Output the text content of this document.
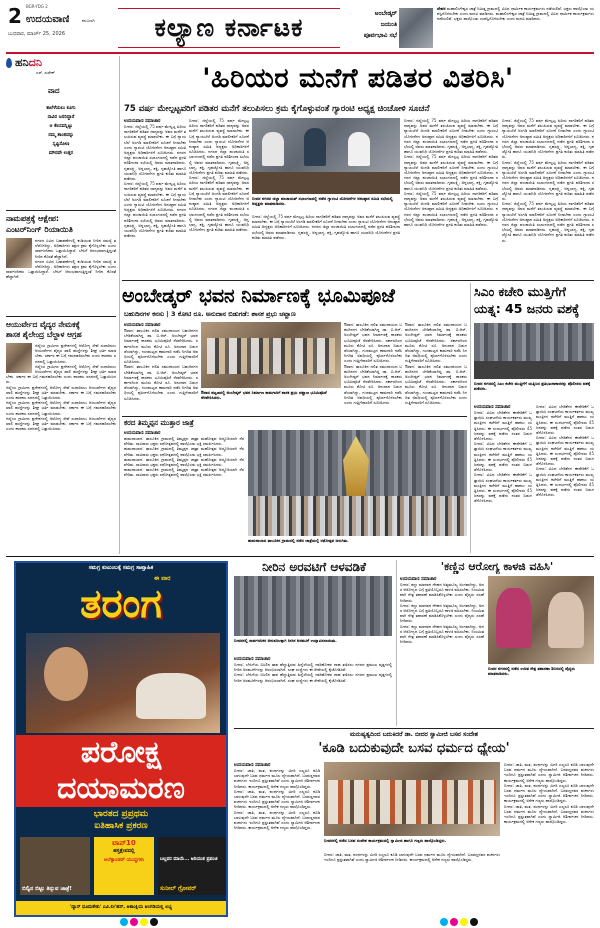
2 BGR-YDG 2
ಉದಯವಾಣಿ	ಕಲಬುರಗಿ
ಬುಧವಾರ, ಮಾರ್ಚ್ 25, 2026	ಕಲ್ಯಾಣ ಕರ್ನಾಟಕ	ಅಂಬೇಡ್ಕರ್
ಜಯಂತಿ
ಪೂರ್ವಭಾವಿ ಸಭೆ
ದೇವರ ಮಹಾಲಿಂಗೇಶ್ವರ ಜಾತ್ರೆ ನಿಮಿತ್ತ ಗ್ರಾಮದಲ್ಲಿ ವಿವಿಧ ಧಾರ್ಮಿಕ ಕಾರ್ಯಕ್ರಮಗಳು ನಡೆಯಲಿವೆ. ಭಕ್ತರು ಪಾಲ್ಗೊಂಡು ಯಶಸ್ವಿಗೊಳಿಸಬೇಕು ಎಂದು ಮನವಿ ಮಾಡಿದರು. ಮಹಾಲಿಂಗೇಶ್ವರ ಜಾತ್ರೆ ನಿಮಿತ್ತ ಗ್ರಾಮದಲ್ಲಿ ವಿವಿಧ ಧಾರ್ಮಿಕ ಕಾರ್ಯಕ್ರಮಗಳು ನಡೆಯಲಿವೆ. ಭಕ್ತರು ಪಾಲ್ಗೊಂಡು ಯಶಸ್ವಿಗೊಳಿಸಬೇಕು ಎಂದು ಮನವಿ ಮಾಡಿದರು.
ಹನಿ ದನಿ
ಎಸ್. ಸುರೇಶ್
ವಾದ
ಕಾಲೆಳೆಯಲು ಕೂಗು
ಸಾವಿರ ಜನರಿದ್ದಾರೆ
ಆ ಕೆಲಸವನ್ನಿಟ್ಟು
ನಮ್ಮ ಶಾಂತವನ್ನು
ಸೃಷ್ಟಿಸೋಣ
ಮೌನವೇ ಉತ್ತರ
ನಾಮಪತ್ರಕ್ಕೆ ಆಕ್ಷೇಪ:
ಎಂಟರ್‌ನಿಂಗ್ ರಿಯಾಯಿತಿ
ನಗರದ ವಿವಿಧ ಬಡಾವಣೆಗಳಲ್ಲಿ ಕುಡಿಯುವ ನೀರಿನ ಸಮಸ್ಯೆ ತಲೆದೋರಿದ್ದು, ಅಧಿಕಾರಿಗಳು ತಕ್ಷಣ ಕ್ರಮ ಕೈಗೊಳ್ಳಬೇಕು ಎಂದು ಸಾರ್ವಜನಿಕರು ಒತ್ತಾಯಿಸಿದ್ದಾರೆ. ಬೇಸಿಗೆ ಆರಂಭವಾಗುತ್ತಿದ್ದಂತೆ ನೀರಿನ ಕೊರತೆ ಹೆಚ್ಚಾಗಿದೆ.
ನಗರದ ವಿವಿಧ ಬಡಾವಣೆಗಳಲ್ಲಿ ಕುಡಿಯುವ ನೀರಿನ ಸಮಸ್ಯೆ ತಲೆದೋರಿದ್ದು, ಅಧಿಕಾರಿಗಳು ತಕ್ಷಣ ಕ್ರಮ ಕೈಗೊಳ್ಳಬೇಕು ಎಂದು ಸಾರ್ವಜನಿಕರು ಒತ್ತಾಯಿಸಿದ್ದಾರೆ. ಬೇಸಿಗೆ ಆರಂಭವಾಗುತ್ತಿದ್ದಂತೆ ನೀರಿನ ಕೊರತೆ ಹೆಚ್ಚಾಗಿದೆ.
ಆಯುರ್ವೇದ ವೈದ್ಯರ ನೇಮಕಕ್ಕೆ
ಶಾಸಕ ಶೈಲೇಂದ್ರ ಬೆಲ್ದಾಳ ಆಗ್ರಹ
ಜಿಲ್ಲೆಯ ಗ್ರಾಮೀಣ ಪ್ರದೇಶಗಳಲ್ಲಿ ಆರೋಗ್ಯ ಸೇವೆ ಸುಧಾರಿಸಲು ಆಯುರ್ವೇದ ವೈದ್ಯರ ಖಾಲಿ ಹುದ್ದೆಗಳನ್ನು ಶೀಘ್ರ ಭರ್ತಿ ಮಾಡಬೇಕು. ಸರ್ಕಾರ ಈ ಬಗ್ಗೆ ಗಮನಹರಿಸಬೇಕು ಎಂದು ಶಾಸಕರು ಸದನದಲ್ಲಿ ಒತ್ತಾಯಿಸಿದರು.
ಜಿಲ್ಲೆಯ ಗ್ರಾಮೀಣ ಪ್ರದೇಶಗಳಲ್ಲಿ ಆರೋಗ್ಯ ಸೇವೆ ಸುಧಾರಿಸಲು ಆಯುರ್ವೇದ ವೈದ್ಯರ ಖಾಲಿ ಹುದ್ದೆಗಳನ್ನು ಶೀಘ್ರ ಭರ್ತಿ ಮಾಡಬೇಕು. ಸರ್ಕಾರ ಈ ಬಗ್ಗೆ ಗಮನಹರಿಸಬೇಕು ಎಂದು ಶಾಸಕರು ಸದನದಲ್ಲಿ ಒತ್ತಾಯಿಸಿದರು.
ಜಿಲ್ಲೆಯ ಗ್ರಾಮೀಣ ಪ್ರದೇಶಗಳಲ್ಲಿ ಆರೋಗ್ಯ ಸೇವೆ ಸುಧಾರಿಸಲು ಆಯುರ್ವೇದ ವೈದ್ಯರ ಖಾಲಿ ಹುದ್ದೆಗಳನ್ನು ಶೀಘ್ರ ಭರ್ತಿ ಮಾಡಬೇಕು. ಸರ್ಕಾರ ಈ ಬಗ್ಗೆ ಗಮನಹರಿಸಬೇಕು ಎಂದು ಶಾಸಕರು ಸದನದಲ್ಲಿ ಒತ್ತಾಯಿಸಿದರು.
ಜಿಲ್ಲೆಯ ಗ್ರಾಮೀಣ ಪ್ರದೇಶಗಳಲ್ಲಿ ಆರೋಗ್ಯ ಸೇವೆ ಸುಧಾರಿಸಲು ಆಯುರ್ವೇದ ವೈದ್ಯರ ಖಾಲಿ ಹುದ್ದೆಗಳನ್ನು ಶೀಘ್ರ ಭರ್ತಿ ಮಾಡಬೇಕು. ಸರ್ಕಾರ ಈ ಬಗ್ಗೆ ಗಮನಹರಿಸಬೇಕು ಎಂದು ಶಾಸಕರು ಸದನದಲ್ಲಿ ಒತ್ತಾಯಿಸಿದರು.
ಜಿಲ್ಲೆಯ ಗ್ರಾಮೀಣ ಪ್ರದೇಶಗಳಲ್ಲಿ ಆರೋಗ್ಯ ಸೇವೆ ಸುಧಾರಿಸಲು ಆಯುರ್ವೇದ ವೈದ್ಯರ ಖಾಲಿ ಹುದ್ದೆಗಳನ್ನು ಶೀಘ್ರ ಭರ್ತಿ ಮಾಡಬೇಕು. ಸರ್ಕಾರ ಈ ಬಗ್ಗೆ ಗಮನಹರಿಸಬೇಕು ಎಂದು ಶಾಸಕರು ಸದನದಲ್ಲಿ ಒತ್ತಾಯಿಸಿದರು.
'ಹಿರಿಯರ ಮನೆಗೆ ಪಡಿತರ ವಿತರಿಸಿ'
75 ವರ್ಷ ಮೇಲ್ಪಟ್ಟವರಿಗೆ ಪಡಿತರ ಮನೆಗೆ ತಲುಪಿಸಲು ಕ್ರಮ ಕೈಗೊಳ್ಳುವಂತೆ ಗ್ಯಾರಂಟಿ ಅಧ್ಯಕ್ಷ ಚಿಂಚೋಳಿ ಸೂಚನೆ
ಉದಯವಾಣಿ ಸಮಾಚಾರ
ಬೀದರ: ಜಿಲ್ಲೆಯಲ್ಲಿ 75 ವರ್ಷ ಮೇಲ್ಪಟ್ಟ ಹಿರಿಯ ನಾಗರಿಕರಿಗೆ ಪಡಿತರ ಧಾನ್ಯವನ್ನು ಅವರ ಮನೆಗೆ ತಲುಪಿಸುವ ವ್ಯವಸ್ಥೆ ಮಾಡಬೇಕು. ಈ ಬಗ್ಗೆ ನ್ಯಾಯಬೆಲೆ ಅಂಗಡಿ ಮಾಲೀಕರಿಗೆ ಸೂಚನೆ ನೀಡಬೇಕು ಎಂದು ಗ್ಯಾರಂಟಿ ಯೋಜನೆಗಳ ಅನುಷ್ಠಾನ ಸಮಿತಿ ಅಧ್ಯಕ್ಷರು ಅಧಿಕಾರಿಗಳಿಗೆ ಸೂಚಿಸಿದರು. ನಗರದ ಜಿಲ್ಲಾ ಪಂಚಾಯಿತಿ ಸಭಾಂಗಣದಲ್ಲಿ ನಡೆದ ಪ್ರಗತಿ ಪರಿಶೀಲನಾ ಸಭೆಯಲ್ಲಿ ಅವರು ಮಾತನಾಡಿದರು. ಗೃಹಲಕ್ಷ್ಮಿ, ಅನ್ನಭಾಗ್ಯ, ಶಕ್ತಿ, ಗೃಹಜ್ಯೋತಿ ಹಾಗೂ ಯುವನಿಧಿ ಯೋಜನೆಗಳ ಪ್ರಗತಿ ಕುರಿತು ಮಾಹಿತಿ ಪಡೆದರು.
ಬೀದರ: ಜಿಲ್ಲೆಯಲ್ಲಿ 75 ವರ್ಷ ಮೇಲ್ಪಟ್ಟ ಹಿರಿಯ ನಾಗರಿಕರಿಗೆ ಪಡಿತರ ಧಾನ್ಯವನ್ನು ಅವರ ಮನೆಗೆ ತಲುಪಿಸುವ ವ್ಯವಸ್ಥೆ ಮಾಡಬೇಕು. ಈ ಬಗ್ಗೆ ನ್ಯಾಯಬೆಲೆ ಅಂಗಡಿ ಮಾಲೀಕರಿಗೆ ಸೂಚನೆ ನೀಡಬೇಕು ಎಂದು ಗ್ಯಾರಂಟಿ ಯೋಜನೆಗಳ ಅನುಷ್ಠಾನ ಸಮಿತಿ ಅಧ್ಯಕ್ಷರು ಅಧಿಕಾರಿಗಳಿಗೆ ಸೂಚಿಸಿದರು. ನಗರದ ಜಿಲ್ಲಾ ಪಂಚಾಯಿತಿ ಸಭಾಂಗಣದಲ್ಲಿ ನಡೆದ ಪ್ರಗತಿ ಪರಿಶೀಲನಾ ಸಭೆಯಲ್ಲಿ ಅವರು ಮಾತನಾಡಿದರು. ಗೃಹಲಕ್ಷ್ಮಿ, ಅನ್ನಭಾಗ್ಯ, ಶಕ್ತಿ, ಗೃಹಜ್ಯೋತಿ ಹಾಗೂ ಯುವನಿಧಿ ಯೋಜನೆಗಳ ಪ್ರಗತಿ ಕುರಿತು ಮಾಹಿತಿ ಪಡೆದರು.
ಬೀದರ: ಜಿಲ್ಲೆಯಲ್ಲಿ 75 ವರ್ಷ ಮೇಲ್ಪಟ್ಟ ಹಿರಿಯ ನಾಗರಿಕರಿಗೆ ಪಡಿತರ ಧಾನ್ಯವನ್ನು ಅವರ ಮನೆಗೆ ತಲುಪಿಸುವ ವ್ಯವಸ್ಥೆ ಮಾಡಬೇಕು. ಈ ಬಗ್ಗೆ ನ್ಯಾಯಬೆಲೆ ಅಂಗಡಿ ಮಾಲೀಕರಿಗೆ ಸೂಚನೆ ನೀಡಬೇಕು ಎಂದು ಗ್ಯಾರಂಟಿ ಯೋಜನೆಗಳ ಅನುಷ್ಠಾನ ಸಮಿತಿ ಅಧ್ಯಕ್ಷರು ಅಧಿಕಾರಿಗಳಿಗೆ ಸೂಚಿಸಿದರು. ನಗರದ ಜಿಲ್ಲಾ ಪಂಚಾಯಿತಿ ಸಭಾಂಗಣದಲ್ಲಿ ನಡೆದ ಪ್ರಗತಿ ಪರಿಶೀಲನಾ ಸಭೆಯಲ್ಲಿ ಅವರು ಮಾತನಾಡಿದರು. ಗೃಹಲಕ್ಷ್ಮಿ, ಅನ್ನಭಾಗ್ಯ, ಶಕ್ತಿ, ಗೃಹಜ್ಯೋತಿ ಹಾಗೂ ಯುವನಿಧಿ ಯೋಜನೆಗಳ ಪ್ರಗತಿ ಕುರಿತು ಮಾಹಿತಿ ಪಡೆದರು.
ಬೀದರ: ಜಿಲ್ಲೆಯಲ್ಲಿ 75 ವರ್ಷ ಮೇಲ್ಪಟ್ಟ ಹಿರಿಯ ನಾಗರಿಕರಿಗೆ ಪಡಿತರ ಧಾನ್ಯವನ್ನು ಅವರ ಮನೆಗೆ ತಲುಪಿಸುವ ವ್ಯವಸ್ಥೆ ಮಾಡಬೇಕು. ಈ ಬಗ್ಗೆ ನ್ಯಾಯಬೆಲೆ ಅಂಗಡಿ ಮಾಲೀಕರಿಗೆ ಸೂಚನೆ ನೀಡಬೇಕು ಎಂದು ಗ್ಯಾರಂಟಿ ಯೋಜನೆಗಳ ಅನುಷ್ಠಾನ ಸಮಿತಿ ಅಧ್ಯಕ್ಷರು ಅಧಿಕಾರಿಗಳಿಗೆ ಸೂಚಿಸಿದರು. ನಗರದ ಜಿಲ್ಲಾ ಪಂಚಾಯಿತಿ ಸಭಾಂಗಣದಲ್ಲಿ ನಡೆದ ಪ್ರಗತಿ ಪರಿಶೀಲನಾ ಸಭೆಯಲ್ಲಿ ಅವರು ಮಾತನಾಡಿದರು. ಗೃಹಲಕ್ಷ್ಮಿ, ಅನ್ನಭಾಗ್ಯ, ಶಕ್ತಿ, ಗೃಹಜ್ಯೋತಿ ಹಾಗೂ ಯುವನಿಧಿ ಯೋಜನೆಗಳ ಪ್ರಗತಿ ಕುರಿತು ಮಾಹಿತಿ ಪಡೆದರು.
ಬೀದರ ನಗರದ ಜಿಲ್ಲಾ ಪಂಚಾಯತ್ ಸಭಾಂಗಣದಲ್ಲಿ ನಡೆದ ಗ್ಯಾರಂಟಿ ಯೋಜನೆಗಳ ಅನುಷ್ಠಾನ ಸಮಿತಿ ಸಭೆಯಲ್ಲಿ ಅಧ್ಯಕ್ಷರು ಮಾತನಾಡಿದರು.
ಬೀದರ: ಜಿಲ್ಲೆಯಲ್ಲಿ 75 ವರ್ಷ ಮೇಲ್ಪಟ್ಟ ಹಿರಿಯ ನಾಗರಿಕರಿಗೆ ಪಡಿತರ ಧಾನ್ಯವನ್ನು ಅವರ ಮನೆಗೆ ತಲುಪಿಸುವ ವ್ಯವಸ್ಥೆ ಮಾಡಬೇಕು. ಈ ಬಗ್ಗೆ ನ್ಯಾಯಬೆಲೆ ಅಂಗಡಿ ಮಾಲೀಕರಿಗೆ ಸೂಚನೆ ನೀಡಬೇಕು ಎಂದು ಗ್ಯಾರಂಟಿ ಯೋಜನೆಗಳ ಅನುಷ್ಠಾನ ಸಮಿತಿ ಅಧ್ಯಕ್ಷರು ಅಧಿಕಾರಿಗಳಿಗೆ ಸೂಚಿಸಿದರು. ನಗರದ ಜಿಲ್ಲಾ ಪಂಚಾಯಿತಿ ಸಭಾಂಗಣದಲ್ಲಿ ನಡೆದ ಪ್ರಗತಿ ಪರಿಶೀಲನಾ ಸಭೆಯಲ್ಲಿ ಅವರು ಮಾತನಾಡಿದರು. ಗೃಹಲಕ್ಷ್ಮಿ, ಅನ್ನಭಾಗ್ಯ, ಶಕ್ತಿ, ಗೃಹಜ್ಯೋತಿ ಹಾಗೂ ಯುವನಿಧಿ ಯೋಜನೆಗಳ ಪ್ರಗತಿ ಕುರಿತು ಮಾಹಿತಿ ಪಡೆದರು.
ಬೀದರ: ಜಿಲ್ಲೆಯಲ್ಲಿ 75 ವರ್ಷ ಮೇಲ್ಪಟ್ಟ ಹಿರಿಯ ನಾಗರಿಕರಿಗೆ ಪಡಿತರ ಧಾನ್ಯವನ್ನು ಅವರ ಮನೆಗೆ ತಲುಪಿಸುವ ವ್ಯವಸ್ಥೆ ಮಾಡಬೇಕು. ಈ ಬಗ್ಗೆ ನ್ಯಾಯಬೆಲೆ ಅಂಗಡಿ ಮಾಲೀಕರಿಗೆ ಸೂಚನೆ ನೀಡಬೇಕು ಎಂದು ಗ್ಯಾರಂಟಿ ಯೋಜನೆಗಳ ಅನುಷ್ಠಾನ ಸಮಿತಿ ಅಧ್ಯಕ್ಷರು ಅಧಿಕಾರಿಗಳಿಗೆ ಸೂಚಿಸಿದರು. ನಗರದ ಜಿಲ್ಲಾ ಪಂಚಾಯಿತಿ ಸಭಾಂಗಣದಲ್ಲಿ ನಡೆದ ಪ್ರಗತಿ ಪರಿಶೀಲನಾ ಸಭೆಯಲ್ಲಿ ಅವರು ಮಾತನಾಡಿದರು. ಗೃಹಲಕ್ಷ್ಮಿ, ಅನ್ನಭಾಗ್ಯ, ಶಕ್ತಿ, ಗೃಹಜ್ಯೋತಿ ಹಾಗೂ ಯುವನಿಧಿ ಯೋಜನೆಗಳ ಪ್ರಗತಿ ಕುರಿತು ಮಾಹಿತಿ ಪಡೆದರು.
ಬೀದರ: ಜಿಲ್ಲೆಯಲ್ಲಿ 75 ವರ್ಷ ಮೇಲ್ಪಟ್ಟ ಹಿರಿಯ ನಾಗರಿಕರಿಗೆ ಪಡಿತರ ಧಾನ್ಯವನ್ನು ಅವರ ಮನೆಗೆ ತಲುಪಿಸುವ ವ್ಯವಸ್ಥೆ ಮಾಡಬೇಕು. ಈ ಬಗ್ಗೆ ನ್ಯಾಯಬೆಲೆ ಅಂಗಡಿ ಮಾಲೀಕರಿಗೆ ಸೂಚನೆ ನೀಡಬೇಕು ಎಂದು ಗ್ಯಾರಂಟಿ ಯೋಜನೆಗಳ ಅನುಷ್ಠಾನ ಸಮಿತಿ ಅಧ್ಯಕ್ಷರು ಅಧಿಕಾರಿಗಳಿಗೆ ಸೂಚಿಸಿದರು. ನಗರದ ಜಿಲ್ಲಾ ಪಂಚಾಯಿತಿ ಸಭಾಂಗಣದಲ್ಲಿ ನಡೆದ ಪ್ರಗತಿ ಪರಿಶೀಲನಾ ಸಭೆಯಲ್ಲಿ ಅವರು ಮಾತನಾಡಿದರು. ಗೃಹಲಕ್ಷ್ಮಿ, ಅನ್ನಭಾಗ್ಯ, ಶಕ್ತಿ, ಗೃಹಜ್ಯೋತಿ ಹಾಗೂ ಯುವನಿಧಿ ಯೋಜನೆಗಳ ಪ್ರಗತಿ ಕುರಿತು ಮಾಹಿತಿ ಪಡೆದರು.
ಬೀದರ: ಜಿಲ್ಲೆಯಲ್ಲಿ 75 ವರ್ಷ ಮೇಲ್ಪಟ್ಟ ಹಿರಿಯ ನಾಗರಿಕರಿಗೆ ಪಡಿತರ ಧಾನ್ಯವನ್ನು ಅವರ ಮನೆಗೆ ತಲುಪಿಸುವ ವ್ಯವಸ್ಥೆ ಮಾಡಬೇಕು. ಈ ಬಗ್ಗೆ ನ್ಯಾಯಬೆಲೆ ಅಂಗಡಿ ಮಾಲೀಕರಿಗೆ ಸೂಚನೆ ನೀಡಬೇಕು ಎಂದು ಗ್ಯಾರಂಟಿ ಯೋಜನೆಗಳ ಅನುಷ್ಠಾನ ಸಮಿತಿ ಅಧ್ಯಕ್ಷರು ಅಧಿಕಾರಿಗಳಿಗೆ ಸೂಚಿಸಿದರು. ನಗರದ ಜಿಲ್ಲಾ ಪಂಚಾಯಿತಿ ಸಭಾಂಗಣದಲ್ಲಿ ನಡೆದ ಪ್ರಗತಿ ಪರಿಶೀಲನಾ ಸಭೆಯಲ್ಲಿ ಅವರು ಮಾತನಾಡಿದರು. ಗೃಹಲಕ್ಷ್ಮಿ, ಅನ್ನಭಾಗ್ಯ, ಶಕ್ತಿ, ಗೃಹಜ್ಯೋತಿ ಹಾಗೂ ಯುವನಿಧಿ ಯೋಜನೆಗಳ ಪ್ರಗತಿ ಕುರಿತು ಮಾಹಿತಿ ಪಡೆದರು.
ಬೀದರ: ಜಿಲ್ಲೆಯಲ್ಲಿ 75 ವರ್ಷ ಮೇಲ್ಪಟ್ಟ ಹಿರಿಯ ನಾಗರಿಕರಿಗೆ ಪಡಿತರ ಧಾನ್ಯವನ್ನು ಅವರ ಮನೆಗೆ ತಲುಪಿಸುವ ವ್ಯವಸ್ಥೆ ಮಾಡಬೇಕು. ಈ ಬಗ್ಗೆ ನ್ಯಾಯಬೆಲೆ ಅಂಗಡಿ ಮಾಲೀಕರಿಗೆ ಸೂಚನೆ ನೀಡಬೇಕು ಎಂದು ಗ್ಯಾರಂಟಿ ಯೋಜನೆಗಳ ಅನುಷ್ಠಾನ ಸಮಿತಿ ಅಧ್ಯಕ್ಷರು ಅಧಿಕಾರಿಗಳಿಗೆ ಸೂಚಿಸಿದರು. ನಗರದ ಜಿಲ್ಲಾ ಪಂಚಾಯಿತಿ ಸಭಾಂಗಣದಲ್ಲಿ ನಡೆದ ಪ್ರಗತಿ ಪರಿಶೀಲನಾ ಸಭೆಯಲ್ಲಿ ಅವರು ಮಾತನಾಡಿದರು. ಗೃಹಲಕ್ಷ್ಮಿ, ಅನ್ನಭಾಗ್ಯ, ಶಕ್ತಿ, ಗೃಹಜ್ಯೋತಿ ಹಾಗೂ ಯುವನಿಧಿ ಯೋಜನೆಗಳ ಪ್ರಗತಿ ಕುರಿತು ಮಾಹಿತಿ ಪಡೆದರು.
ಬೀದರ: ಜಿಲ್ಲೆಯಲ್ಲಿ 75 ವರ್ಷ ಮೇಲ್ಪಟ್ಟ ಹಿರಿಯ ನಾಗರಿಕರಿಗೆ ಪಡಿತರ ಧಾನ್ಯವನ್ನು ಅವರ ಮನೆಗೆ ತಲುಪಿಸುವ ವ್ಯವಸ್ಥೆ ಮಾಡಬೇಕು. ಈ ಬಗ್ಗೆ ನ್ಯಾಯಬೆಲೆ ಅಂಗಡಿ ಮಾಲೀಕರಿಗೆ ಸೂಚನೆ ನೀಡಬೇಕು ಎಂದು ಗ್ಯಾರಂಟಿ ಯೋಜನೆಗಳ ಅನುಷ್ಠಾನ ಸಮಿತಿ ಅಧ್ಯಕ್ಷರು ಅಧಿಕಾರಿಗಳಿಗೆ ಸೂಚಿಸಿದರು. ನಗರದ ಜಿಲ್ಲಾ ಪಂಚಾಯಿತಿ ಸಭಾಂಗಣದಲ್ಲಿ ನಡೆದ ಪ್ರಗತಿ ಪರಿಶೀಲನಾ ಸಭೆಯಲ್ಲಿ ಅವರು ಮಾತನಾಡಿದರು. ಗೃಹಲಕ್ಷ್ಮಿ, ಅನ್ನಭಾಗ್ಯ, ಶಕ್ತಿ, ಗೃಹಜ್ಯೋತಿ ಹಾಗೂ ಯುವನಿಧಿ ಯೋಜನೆಗಳ ಪ್ರಗತಿ ಕುರಿತು ಮಾಹಿತಿ ಪಡೆದರು.
ಬೀದರ: ಜಿಲ್ಲೆಯಲ್ಲಿ 75 ವರ್ಷ ಮೇಲ್ಪಟ್ಟ ಹಿರಿಯ ನಾಗರಿಕರಿಗೆ ಪಡಿತರ ಧಾನ್ಯವನ್ನು ಅವರ ಮನೆಗೆ ತಲುಪಿಸುವ ವ್ಯವಸ್ಥೆ ಮಾಡಬೇಕು. ಈ ಬಗ್ಗೆ ನ್ಯಾಯಬೆಲೆ ಅಂಗಡಿ ಮಾಲೀಕರಿಗೆ ಸೂಚನೆ ನೀಡಬೇಕು ಎಂದು ಗ್ಯಾರಂಟಿ ಯೋಜನೆಗಳ ಅನುಷ್ಠಾನ ಸಮಿತಿ ಅಧ್ಯಕ್ಷರು ಅಧಿಕಾರಿಗಳಿಗೆ ಸೂಚಿಸಿದರು. ನಗರದ ಜಿಲ್ಲಾ ಪಂಚಾಯಿತಿ ಸಭಾಂಗಣದಲ್ಲಿ ನಡೆದ ಪ್ರಗತಿ ಪರಿಶೀಲನಾ ಸಭೆಯಲ್ಲಿ ಅವರು ಮಾತನಾಡಿದರು. ಗೃಹಲಕ್ಷ್ಮಿ, ಅನ್ನಭಾಗ್ಯ, ಶಕ್ತಿ, ಗೃಹಜ್ಯೋತಿ ಹಾಗೂ ಯುವನಿಧಿ ಯೋಜನೆಗಳ ಪ್ರಗತಿ ಕುರಿತು ಮಾಹಿತಿ ಪಡೆದರು.
ಅಂಬೇಡ್ಕರ್ ಭವನ ನಿರ್ಮಾಣಕ್ಕೆ ಭೂಮಿಪೂಜೆ
ಬಹುದಿನಗಳ ಕನಸು | 3 ಕೋಟಿ ರೂ. ಅನುದಾನ ಬಿಡುಗಡೆ: ಶಾಸಕ ಪ್ರಭು ಚವ್ಹಾಣ
ಉದಯವಾಣಿ ಸಮಾಚಾರ
ಔರಾದ: ತಾಲೂಕಿನ ದಲಿತ ಸಮುದಾಯದ ಬಹುದಿನಗಳ ಬೇಡಿಕೆಯಾಗಿದ್ದ ಡಾ. ಬಿ.ಆರ್. ಅಂಬೇಡ್ಕರ್ ಭವನ ನಿರ್ಮಾಣಕ್ಕೆ ಶಾಸಕರು ಭೂಮಿಪೂಜೆ ನೆರವೇರಿಸಿದರು. ಸರ್ಕಾರದಿಂದ ಮೂರು ಕೋಟಿ ರೂ. ಅನುದಾನ ಬಿಡುಗಡೆಯಾಗಿದ್ದು, ಗುಣಮಟ್ಟದ ಕಾಮಗಾರಿ ನಡೆಸಿ ನಿಗದಿತ ಅವಧಿಯಲ್ಲಿ ಪೂರ್ಣಗೊಳಿಸಬೇಕು ಎಂದು ಗುತ್ತಿಗೆದಾರರಿಗೆ ಸೂಚಿಸಿದರು.
ಔರಾದ: ತಾಲೂಕಿನ ದಲಿತ ಸಮುದಾಯದ ಬಹುದಿನಗಳ ಬೇಡಿಕೆಯಾಗಿದ್ದ ಡಾ. ಬಿ.ಆರ್. ಅಂಬೇಡ್ಕರ್ ಭವನ ನಿರ್ಮಾಣಕ್ಕೆ ಶಾಸಕರು ಭೂಮಿಪೂಜೆ ನೆರವೇರಿಸಿದರು. ಸರ್ಕಾರದಿಂದ ಮೂರು ಕೋಟಿ ರೂ. ಅನುದಾನ ಬಿಡುಗಡೆಯಾಗಿದ್ದು, ಗುಣಮಟ್ಟದ ಕಾಮಗಾರಿ ನಡೆಸಿ ನಿಗದಿತ ಅವಧಿಯಲ್ಲಿ ಪೂರ್ಣಗೊಳಿಸಬೇಕು ಎಂದು ಗುತ್ತಿಗೆದಾರರಿಗೆ ಸೂಚಿಸಿದರು.
ಔರಾದ ಪಟ್ಟಣದಲ್ಲಿ ಅಂಬೇಡ್ಕರ್ ಭವನ ನಿರ್ಮಾಣ ಕಾಮಗಾರಿಗೆ ಶಾಸಕ ಪ್ರಭು ಚವ್ಹಾಣ ಭೂಮಿಪೂಜೆ ನೆರವೇರಿಸಿದರು.
ಔರಾದ: ತಾಲೂಕಿನ ದಲಿತ ಸಮುದಾಯದ ಬಹುದಿನಗಳ ಬೇಡಿಕೆಯಾಗಿದ್ದ ಡಾ. ಬಿ.ಆರ್. ಅಂಬೇಡ್ಕರ್ ಭವನ ನಿರ್ಮಾಣಕ್ಕೆ ಶಾಸಕರು ಭೂಮಿಪೂಜೆ ನೆರವೇರಿಸಿದರು. ಸರ್ಕಾರದಿಂದ ಮೂರು ಕೋಟಿ ರೂ. ಅನುದಾನ ಬಿಡುಗಡೆಯಾಗಿದ್ದು, ಗುಣಮಟ್ಟದ ಕಾಮಗಾರಿ ನಡೆಸಿ ನಿಗದಿತ ಅವಧಿಯಲ್ಲಿ ಪೂರ್ಣಗೊಳಿಸಬೇಕು ಎಂದು ಗುತ್ತಿಗೆದಾರರಿಗೆ ಸೂಚಿಸಿದರು.
ಔರಾದ: ತಾಲೂಕಿನ ದಲಿತ ಸಮುದಾಯದ ಬಹುದಿನಗಳ ಬೇಡಿಕೆಯಾಗಿದ್ದ ಡಾ. ಬಿ.ಆರ್. ಅಂಬೇಡ್ಕರ್ ಭವನ ನಿರ್ಮಾಣಕ್ಕೆ ಶಾಸಕರು ಭೂಮಿಪೂಜೆ ನೆರವೇರಿಸಿದರು. ಸರ್ಕಾರದಿಂದ ಮೂರು ಕೋಟಿ ರೂ. ಅನುದಾನ ಬಿಡುಗಡೆಯಾಗಿದ್ದು, ಗುಣಮಟ್ಟದ ಕಾಮಗಾರಿ ನಡೆಸಿ ನಿಗದಿತ ಅವಧಿಯಲ್ಲಿ ಪೂರ್ಣಗೊಳಿಸಬೇಕು ಎಂದು ಗುತ್ತಿಗೆದಾರರಿಗೆ ಸೂಚಿಸಿದರು.
ಔರಾದ: ತಾಲೂಕಿನ ದಲಿತ ಸಮುದಾಯದ ಬಹುದಿನಗಳ ಬೇಡಿಕೆಯಾಗಿದ್ದ ಡಾ. ಬಿ.ಆರ್. ಅಂಬೇಡ್ಕರ್ ಭವನ ನಿರ್ಮಾಣಕ್ಕೆ ಶಾಸಕರು ಭೂಮಿಪೂಜೆ ನೆರವೇರಿಸಿದರು. ಸರ್ಕಾರದಿಂದ ಮೂರು ಕೋಟಿ ರೂ. ಅನುದಾನ ಬಿಡುಗಡೆಯಾಗಿದ್ದು, ಗುಣಮಟ್ಟದ ಕಾಮಗಾರಿ ನಡೆಸಿ ನಿಗದಿತ ಅವಧಿಯಲ್ಲಿ ಪೂರ್ಣಗೊಳಿಸಬೇಕು ಎಂದು ಗುತ್ತಿಗೆದಾರರಿಗೆ ಸೂಚಿಸಿದರು.
ಔರಾದ: ತಾಲೂಕಿನ ದಲಿತ ಸಮುದಾಯದ ಬಹುದಿನಗಳ ಬೇಡಿಕೆಯಾಗಿದ್ದ ಡಾ. ಬಿ.ಆರ್. ಅಂಬೇಡ್ಕರ್ ಭವನ ನಿರ್ಮಾಣಕ್ಕೆ ಶಾಸಕರು ಭೂಮಿಪೂಜೆ ನೆರವೇರಿಸಿದರು. ಸರ್ಕಾರದಿಂದ ಮೂರು ಕೋಟಿ ರೂ. ಅನುದಾನ ಬಿಡುಗಡೆಯಾಗಿದ್ದು, ಗುಣಮಟ್ಟದ ಕಾಮಗಾರಿ ನಡೆಸಿ ನಿಗದಿತ ಅವಧಿಯಲ್ಲಿ ಪೂರ್ಣಗೊಳಿಸಬೇಕು ಎಂದು ಗುತ್ತಿಗೆದಾರರಿಗೆ ಸೂಚಿಸಿದರು.
ಸಿಎಂ ಕಚೇರಿ ಮುತ್ತಿಗೆಗೆ ಯತ್ನ: 45 ಜನರು ವಶಕ್ಕೆ
ಬೀದರ ನಗರದಲ್ಲಿ ಸಿಎಂ ಕಚೇರಿ ಮುತ್ತಿಗೆಗೆ ಯತ್ನಿಸಿದ ಪ್ರತಿಭಟನಾಕಾರರನ್ನು ಪೊಲೀಸರು ವಶಕ್ಕೆ ಪಡೆದರು.
ಉದಯವಾಣಿ ಸಮಾಚಾರ
ಬೀದರ: ವಿವಿಧ ಬೇಡಿಕೆಗಳ ಈಡೇರಿಕೆಗೆ ಒತ್ತಾಯಿಸಿ ಸಂಘಟನೆಯ ಕಾರ್ಯಕರ್ತರು ಮುಖ್ಯಮಂತ್ರಿಗಳ ಕಚೇರಿಗೆ ಮುತ್ತಿಗೆ ಹಾಕಲು ಯತ್ನಿಸಿದರು. ಈ ಸಂದರ್ಭದಲ್ಲಿ ಪೊಲೀಸರು 45 ಜನರನ್ನು ವಶಕ್ಕೆ ಪಡೆದು ನಂತರ ಬಿಡುಗಡೆಗೊಳಿಸಿದರು.
ಬೀದರ: ವಿವಿಧ ಬೇಡಿಕೆಗಳ ಈಡೇರಿಕೆಗೆ ಒತ್ತಾಯಿಸಿ ಸಂಘಟನೆಯ ಕಾರ್ಯಕರ್ತರು ಮುಖ್ಯಮಂತ್ರಿಗಳ ಕಚೇರಿಗೆ ಮುತ್ತಿಗೆ ಹಾಕಲು ಯತ್ನಿಸಿದರು. ಈ ಸಂದರ್ಭದಲ್ಲಿ ಪೊಲೀಸರು 45 ಜನರನ್ನು ವಶಕ್ಕೆ ಪಡೆದು ನಂತರ ಬಿಡುಗಡೆಗೊಳಿಸಿದರು.
ಬೀದರ: ವಿವಿಧ ಬೇಡಿಕೆಗಳ ಈಡೇರಿಕೆಗೆ ಒತ್ತಾಯಿಸಿ ಸಂಘಟನೆಯ ಕಾರ್ಯಕರ್ತರು ಮುಖ್ಯಮಂತ್ರಿಗಳ ಕಚೇರಿಗೆ ಮುತ್ತಿಗೆ ಹಾಕಲು ಯತ್ನಿಸಿದರು. ಈ ಸಂದರ್ಭದಲ್ಲಿ ಪೊಲೀಸರು 45 ಜನರನ್ನು ವಶಕ್ಕೆ ಪಡೆದು ನಂತರ ಬಿಡುಗಡೆಗೊಳಿಸಿದರು.
ಬೀದರ: ವಿವಿಧ ಬೇಡಿಕೆಗಳ ಈಡೇರಿಕೆಗೆ ಒತ್ತಾಯಿಸಿ ಸಂಘಟನೆಯ ಕಾರ್ಯಕರ್ತರು ಮುಖ್ಯಮಂತ್ರಿಗಳ ಕಚೇರಿಗೆ ಮುತ್ತಿಗೆ ಹಾಕಲು ಯತ್ನಿಸಿದರು. ಈ ಸಂದರ್ಭದಲ್ಲಿ ಪೊಲೀಸರು 45 ಜನರನ್ನು ವಶಕ್ಕೆ ಪಡೆದು ನಂತರ ಬಿಡುಗಡೆಗೊಳಿಸಿದರು.
ಬೀದರ: ವಿವಿಧ ಬೇಡಿಕೆಗಳ ಈಡೇರಿಕೆಗೆ ಒತ್ತಾಯಿಸಿ ಸಂಘಟನೆಯ ಕಾರ್ಯಕರ್ತರು ಮುಖ್ಯಮಂತ್ರಿಗಳ ಕಚೇರಿಗೆ ಮುತ್ತಿಗೆ ಹಾಕಲು ಯತ್ನಿಸಿದರು. ಈ ಸಂದರ್ಭದಲ್ಲಿ ಪೊಲೀಸರು 45 ಜನರನ್ನು ವಶಕ್ಕೆ ಪಡೆದು ನಂತರ ಬಿಡುಗಡೆಗೊಳಿಸಿದರು.
ಬೀದರ: ವಿವಿಧ ಬೇಡಿಕೆಗಳ ಈಡೇರಿಕೆಗೆ ಒತ್ತಾಯಿಸಿ ಸಂಘಟನೆಯ ಕಾರ್ಯಕರ್ತರು ಮುಖ್ಯಮಂತ್ರಿಗಳ ಕಚೇರಿಗೆ ಮುತ್ತಿಗೆ ಹಾಕಲು ಯತ್ನಿಸಿದರು. ಈ ಸಂದರ್ಭದಲ್ಲಿ ಪೊಲೀಸರು 45 ಜನರನ್ನು ವಶಕ್ಕೆ ಪಡೆದು ನಂತರ ಬಿಡುಗಡೆಗೊಳಿಸಿದರು.
ಕರದ ತಿಮ್ಮಪ್ಪನ ಮುತ್ತಾರ ಜಾತ್ರೆ
ಉದಯವಾಣಿ ಸಮಾಚಾರ
ಹುಮನಾಬಾದ: ತಾಲೂಕಿನ ಗ್ರಾಮದಲ್ಲಿ ತಿಮ್ಮಪ್ಪನ ಜಾತ್ರಾ ಮಹೋತ್ಸವ ಅದ್ಧೂರಿಯಾಗಿ ನೆರವೇರಿತು. ಸಾವಿರಾರು ಭಕ್ತರು ರಥೋತ್ಸವದಲ್ಲಿ ಪಾಲ್ಗೊಂಡು ಭಕ್ತಿ ಸಮರ್ಪಿಸಿದರು.
ಹುಮನಾಬಾದ: ತಾಲೂಕಿನ ಗ್ರಾಮದಲ್ಲಿ ತಿಮ್ಮಪ್ಪನ ಜಾತ್ರಾ ಮಹೋತ್ಸವ ಅದ್ಧೂರಿಯಾಗಿ ನೆರವೇರಿತು. ಸಾವಿರಾರು ಭಕ್ತರು ರಥೋತ್ಸವದಲ್ಲಿ ಪಾಲ್ಗೊಂಡು ಭಕ್ತಿ ಸಮರ್ಪಿಸಿದರು.
ಹುಮನಾಬಾದ: ತಾಲೂಕಿನ ಗ್ರಾಮದಲ್ಲಿ ತಿಮ್ಮಪ್ಪನ ಜಾತ್ರಾ ಮಹೋತ್ಸವ ಅದ್ಧೂರಿಯಾಗಿ ನೆರವೇರಿತು. ಸಾವಿರಾರು ಭಕ್ತರು ರಥೋತ್ಸವದಲ್ಲಿ ಪಾಲ್ಗೊಂಡು ಭಕ್ತಿ ಸಮರ್ಪಿಸಿದರು.
ಹುಮನಾಬಾದ: ತಾಲೂಕಿನ ಗ್ರಾಮದಲ್ಲಿ ತಿಮ್ಮಪ್ಪನ ಜಾತ್ರಾ ಮಹೋತ್ಸವ ಅದ್ಧೂರಿಯಾಗಿ ನೆರವೇರಿತು. ಸಾವಿರಾರು ಭಕ್ತರು ರಥೋತ್ಸವದಲ್ಲಿ ಪಾಲ್ಗೊಂಡು ಭಕ್ತಿ ಸಮರ್ಪಿಸಿದರು.
ಹುಮನಾಬಾದ ತಾಲೂಕಿನ ಗ್ರಾಮದಲ್ಲಿ ನಡೆದ ಜಾತ್ರೆಯಲ್ಲಿ ರಥೋತ್ಸವ ಜರುಗಿತು.
ಸಮಗ್ರ ಕುಟುಂಬಕ್ಕೆ ಸಮಗ್ರ ಸಾಪ್ತಾಹಿಕ
ಈ ವಾರ
ತರಂಗ
ಪರೋಕ್ಷ
ದಯಾಮರಣ
ಭಾರತದ ಪ್ರಪ್ರಥಮ
ಐತಿಹಾಸಿಕ ಪ್ರಕರಣ
ಬಿಲ್ವಿನ ಬಿಟ್ಟು ತಿನ್ನುವ ಜಾತ್ರೆ!
ಟಾಪ್10
ಹಸ್ತಕ್ಷೇಪದಲ್ಲಿ
ಅಲೆಕ್ಸಾಂಡರ್ ಯುದ್ಧಗಳು	ಬಲ್ಲವರ ಮಾಯೆ... ಅರಿಯುತ ಪ್ರಪಂಚ
ಸುನೀಲ್ ಗ್ರೋವರ್
'ದ್ಯಾಸ್ ಧೂಮಕೇತು' ಎವಿ.ಲೀ'ಹಸ್, ಅಕಾಂಕ್ಷಿಯ ಅಂಗಡಿಯಲ್ಲಿ ಲಭ್ಯ
ನೀರಿನ ಅರವಟಿಗೆ ಆಳವಡಿಕೆ
ಬೀದರನಲ್ಲಿ ಸಾರ್ವಜನಿಕರ ಅನುಕೂಲಕ್ಕಾಗಿ ನೀರಿನ ಅರವಟಿಗೆ ಉದ್ಘಾಟಿಸಲಾಯಿತು.
ಉದಯವಾಣಿ ಸಮಾಚಾರ
ಬೀದರ: ಬೇಸಿಗೆಯ ಬಿಸಿಲಿನ ತಾಪ ಹೆಚ್ಚುತ್ತಿರುವ ಹಿನ್ನೆಲೆಯಲ್ಲಿ ದಾರಿಹೋಕರ ದಾಹ ತಣಿಸಲು ನಗರದ ಪ್ರಮುಖ ವೃತ್ತಗಳಲ್ಲಿ ನೀರಿನ ಅರವಟಿಗೆಗಳನ್ನು ಆರಂಭಿಸಲಾಗಿದೆ. ಸಂಘ ಸಂಸ್ಥೆಗಳು ಈ ಸೇವೆಯಲ್ಲಿ ಕೈಜೋಡಿಸಿವೆ.
ಬೀದರ: ಬೇಸಿಗೆಯ ಬಿಸಿಲಿನ ತಾಪ ಹೆಚ್ಚುತ್ತಿರುವ ಹಿನ್ನೆಲೆಯಲ್ಲಿ ದಾರಿಹೋಕರ ದಾಹ ತಣಿಸಲು ನಗರದ ಪ್ರಮುಖ ವೃತ್ತಗಳಲ್ಲಿ ನೀರಿನ ಅರವಟಿಗೆಗಳನ್ನು ಆರಂಭಿಸಲಾಗಿದೆ. ಸಂಘ ಸಂಸ್ಥೆಗಳು ಈ ಸೇವೆಯಲ್ಲಿ ಕೈಜೋಡಿಸಿವೆ.
'ಕಣ್ಣಿನ ಆರೋಗ್ಯ ಕಾಳಜಿ ವಹಿಸಿ'
ಉದಯವಾಣಿ ಸಮಾಚಾರ
ಬೀದರ: ಕಣ್ಣು ಮಾನವನ ದೇಹದ ಅತ್ಯಮೂಲ್ಯ ಅಂಗವಾಗಿದ್ದು, ಅದರ ಆರೋಗ್ಯದ ಬಗ್ಗೆ ಪ್ರತಿಯೊಬ್ಬರೂ ಕಾಳಜಿ ವಹಿಸಬೇಕು. ನಿಯಮಿತವಾಗಿ ನೇತ್ರ ತಪಾಸಣೆ ಮಾಡಿಸಿಕೊಳ್ಳಬೇಕು ಎಂದು ವೈದ್ಯರು ಸಲಹೆ ನೀಡಿದರು.
ಬೀದರ: ಕಣ್ಣು ಮಾನವನ ದೇಹದ ಅತ್ಯಮೂಲ್ಯ ಅಂಗವಾಗಿದ್ದು, ಅದರ ಆರೋಗ್ಯದ ಬಗ್ಗೆ ಪ್ರತಿಯೊಬ್ಬರೂ ಕಾಳಜಿ ವಹಿಸಬೇಕು. ನಿಯಮಿತವಾಗಿ ನೇತ್ರ ತಪಾಸಣೆ ಮಾಡಿಸಿಕೊಳ್ಳಬೇಕು ಎಂದು ವೈದ್ಯರು ಸಲಹೆ ನೀಡಿದರು.
ಬೀದರ: ಕಣ್ಣು ಮಾನವನ ದೇಹದ ಅತ್ಯಮೂಲ್ಯ ಅಂಗವಾಗಿದ್ದು, ಅದರ ಆರೋಗ್ಯದ ಬಗ್ಗೆ ಪ್ರತಿಯೊಬ್ಬರೂ ಕಾಳಜಿ ವಹಿಸಬೇಕು. ನಿಯಮಿತವಾಗಿ ನೇತ್ರ ತಪಾಸಣೆ ಮಾಡಿಸಿಕೊಳ್ಳಬೇಕು ಎಂದು ವೈದ್ಯರು ಸಲಹೆ ನೀಡಿದರು.
ಬೀದರ ನಗರದಲ್ಲಿ ನಡೆದ ಉಚಿತ ನೇತ್ರ ತಪಾಸಣಾ ಶಿಬಿರದಲ್ಲಿ ವೈದ್ಯರು ಮಾತನಾಡಿದರು.
ಮನುಷ್ಯತ್ವದಿಂದ ಬದುಕಿದರೆ ಡಾ. ಬೀದರ ಸ್ವಾಮೀಜಿ ಬಸವ ಸಂದೇಶ
'ಕೂಡಿ ಬದುಕುವುದೇ ಬಸವ ಧರ್ಮದ ಧ್ಯೇಯ'
ಉದಯವಾಣಿ ಸಮಾಚಾರ
ಬೀದರ: ಜಾತಿ, ಮತ, ಪಂಥಗಳನ್ನು ಮೀರಿ ಎಲ್ಲರೂ ಕೂಡಿ ಬಾಳುವುದೇ ಬಸವ ಧರ್ಮದ ಮೂಲ ಧ್ಯೇಯವಾಗಿದೆ. ಬಸವಣ್ಣನವರ ವಚನಗಳು ಇಂದಿಗೂ ಪ್ರಸ್ತುತವಾಗಿವೆ ಎಂದು ಸ್ವಾಮೀಜಿ ಆಶೀರ್ವಚನ ನೀಡಿದರು. ಕಾರ್ಯಕ್ರಮದಲ್ಲಿ ಅನೇಕ ಗಣ್ಯರು ಪಾಲ್ಗೊಂಡಿದ್ದರು.
ಬೀದರ: ಜಾತಿ, ಮತ, ಪಂಥಗಳನ್ನು ಮೀರಿ ಎಲ್ಲರೂ ಕೂಡಿ ಬಾಳುವುದೇ ಬಸವ ಧರ್ಮದ ಮೂಲ ಧ್ಯೇಯವಾಗಿದೆ. ಬಸವಣ್ಣನವರ ವಚನಗಳು ಇಂದಿಗೂ ಪ್ರಸ್ತುತವಾಗಿವೆ ಎಂದು ಸ್ವಾಮೀಜಿ ಆಶೀರ್ವಚನ ನೀಡಿದರು. ಕಾರ್ಯಕ್ರಮದಲ್ಲಿ ಅನೇಕ ಗಣ್ಯರು ಪಾಲ್ಗೊಂಡಿದ್ದರು.
ಬೀದರ: ಜಾತಿ, ಮತ, ಪಂಥಗಳನ್ನು ಮೀರಿ ಎಲ್ಲರೂ ಕೂಡಿ ಬಾಳುವುದೇ ಬಸವ ಧರ್ಮದ ಮೂಲ ಧ್ಯೇಯವಾಗಿದೆ. ಬಸವಣ್ಣನವರ ವಚನಗಳು ಇಂದಿಗೂ ಪ್ರಸ್ತುತವಾಗಿವೆ ಎಂದು ಸ್ವಾಮೀಜಿ ಆಶೀರ್ವಚನ ನೀಡಿದರು. ಕಾರ್ಯಕ್ರಮದಲ್ಲಿ ಅನೇಕ ಗಣ್ಯರು ಪಾಲ್ಗೊಂಡಿದ್ದರು.
ಬೀದರನಲ್ಲಿ ನಡೆದ ಬಸವ ಸಂದೇಶ ಕಾರ್ಯಕ್ರಮದಲ್ಲಿ ಸ್ವಾಮೀಜಿ ಹಾಗೂ ಗಣ್ಯರು ಪಾಲ್ಗೊಂಡಿದ್ದರು.
ಬೀದರ: ಜಾತಿ, ಮತ, ಪಂಥಗಳನ್ನು ಮೀರಿ ಎಲ್ಲರೂ ಕೂಡಿ ಬಾಳುವುದೇ ಬಸವ ಧರ್ಮದ ಮೂಲ ಧ್ಯೇಯವಾಗಿದೆ. ಬಸವಣ್ಣನವರ ವಚನಗಳು ಇಂದಿಗೂ ಪ್ರಸ್ತುತವಾಗಿವೆ ಎಂದು ಸ್ವಾಮೀಜಿ ಆಶೀರ್ವಚನ ನೀಡಿದರು. ಕಾರ್ಯಕ್ರಮದಲ್ಲಿ ಅನೇಕ ಗಣ್ಯರು ಪಾಲ್ಗೊಂಡಿದ್ದರು.
ಬೀದರ: ಜಾತಿ, ಮತ, ಪಂಥಗಳನ್ನು ಮೀರಿ ಎಲ್ಲರೂ ಕೂಡಿ ಬಾಳುವುದೇ ಬಸವ ಧರ್ಮದ ಮೂಲ ಧ್ಯೇಯವಾಗಿದೆ. ಬಸವಣ್ಣನವರ ವಚನಗಳು ಇಂದಿಗೂ ಪ್ರಸ್ತುತವಾಗಿವೆ ಎಂದು ಸ್ವಾಮೀಜಿ ಆಶೀರ್ವಚನ ನೀಡಿದರು. ಕಾರ್ಯಕ್ರಮದಲ್ಲಿ ಅನೇಕ ಗಣ್ಯರು ಪಾಲ್ಗೊಂಡಿದ್ದರು.
ಬೀದರ: ಜಾತಿ, ಮತ, ಪಂಥಗಳನ್ನು ಮೀರಿ ಎಲ್ಲರೂ ಕೂಡಿ ಬಾಳುವುದೇ ಬಸವ ಧರ್ಮದ ಮೂಲ ಧ್ಯೇಯವಾಗಿದೆ. ಬಸವಣ್ಣನವರ ವಚನಗಳು ಇಂದಿಗೂ ಪ್ರಸ್ತುತವಾಗಿವೆ ಎಂದು ಸ್ವಾಮೀಜಿ ಆಶೀರ್ವಚನ ನೀಡಿದರು. ಕಾರ್ಯಕ್ರಮದಲ್ಲಿ ಅನೇಕ ಗಣ್ಯರು ಪಾಲ್ಗೊಂಡಿದ್ದರು.
ಬೀದರ: ಜಾತಿ, ಮತ, ಪಂಥಗಳನ್ನು ಮೀರಿ ಎಲ್ಲರೂ ಕೂಡಿ ಬಾಳುವುದೇ ಬಸವ ಧರ್ಮದ ಮೂಲ ಧ್ಯೇಯವಾಗಿದೆ. ಬಸವಣ್ಣನವರ ವಚನಗಳು ಇಂದಿಗೂ ಪ್ರಸ್ತುತವಾಗಿವೆ ಎಂದು ಸ್ವಾಮೀಜಿ ಆಶೀರ್ವಚನ ನೀಡಿದರು. ಕಾರ್ಯಕ್ರಮದಲ್ಲಿ ಅನೇಕ ಗಣ್ಯರು ಪಾಲ್ಗೊಂಡಿದ್ದರು.
